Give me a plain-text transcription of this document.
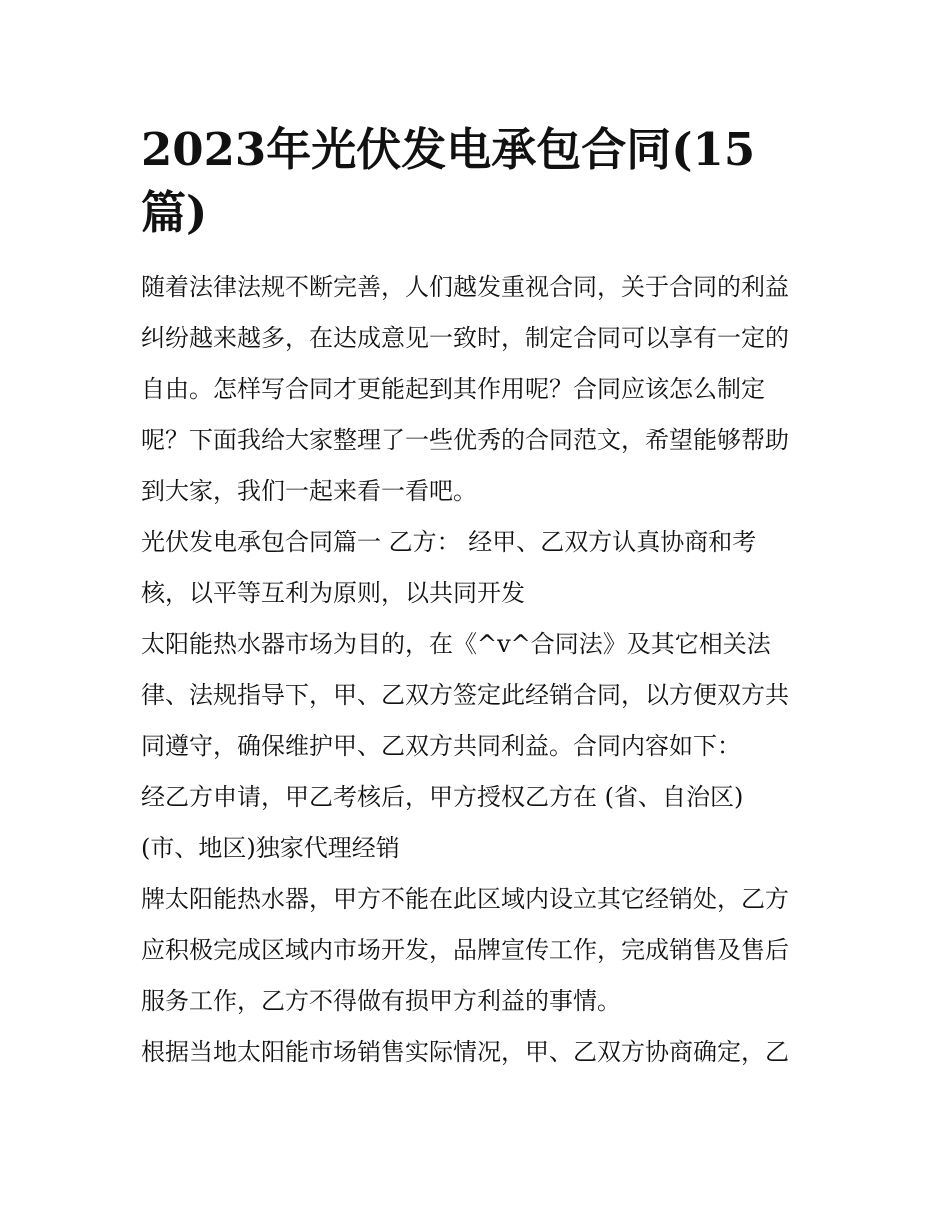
2023年光伏发电承包合同(15
篇)

随着法律法规不断完善，人们越发重视合同，关于合同的利益
纠纷越来越多，在达成意见一致时，制定合同可以享有一定的
自由。怎样写合同才更能起到其作用呢？合同应该怎么制定
呢？下面我给大家整理了一些优秀的合同范文，希望能够帮助
到大家，我们一起来看一看吧。

光伏发电承包合同篇一 乙方： 经甲、乙双方认真协商和考
核，以平等互利为原则，以共同开发

太阳能热水器市场为目的，在《^v^合同法》及其它相关法
律、法规指导下，甲、乙双方签定此经销合同，以方便双方共
同遵守，确保维护甲、乙双方共同利益。合同内容如下：

经乙方申请，甲乙考核后，甲方授权乙方在 (省、自治区)
(市、地区)独家代理经销

牌太阳能热水器，甲方不能在此区域内设立其它经销处，乙方
应积极完成区域内市场开发，品牌宣传工作，完成销售及售后
服务工作，乙方不得做有损甲方利益的事情。

根据当地太阳能市场销售实际情况，甲、乙双方协商确定，乙
